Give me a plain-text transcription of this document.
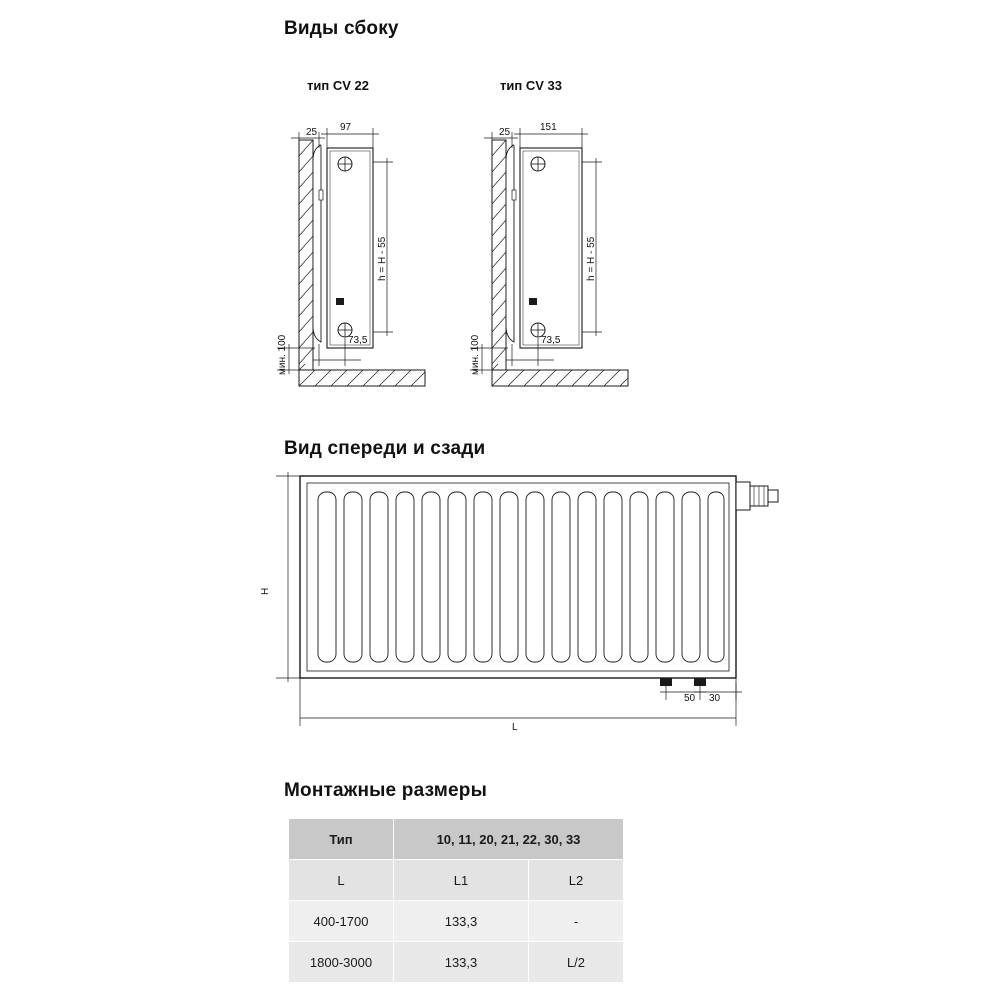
Виды сбоку
тип CV 22	тип CV 33
25 97
h = H - 55
мин. 100	73,5
25	151
h = H - 55
мин. 100	73,5
Вид спереди и сзади
H
L
50 30
Монтажные размеры
Тип	10, 11, 20, 21, 22, 30, 33	
L	L1	L2
400-1700	133,3	-
1800-3000	133,3	L/2
